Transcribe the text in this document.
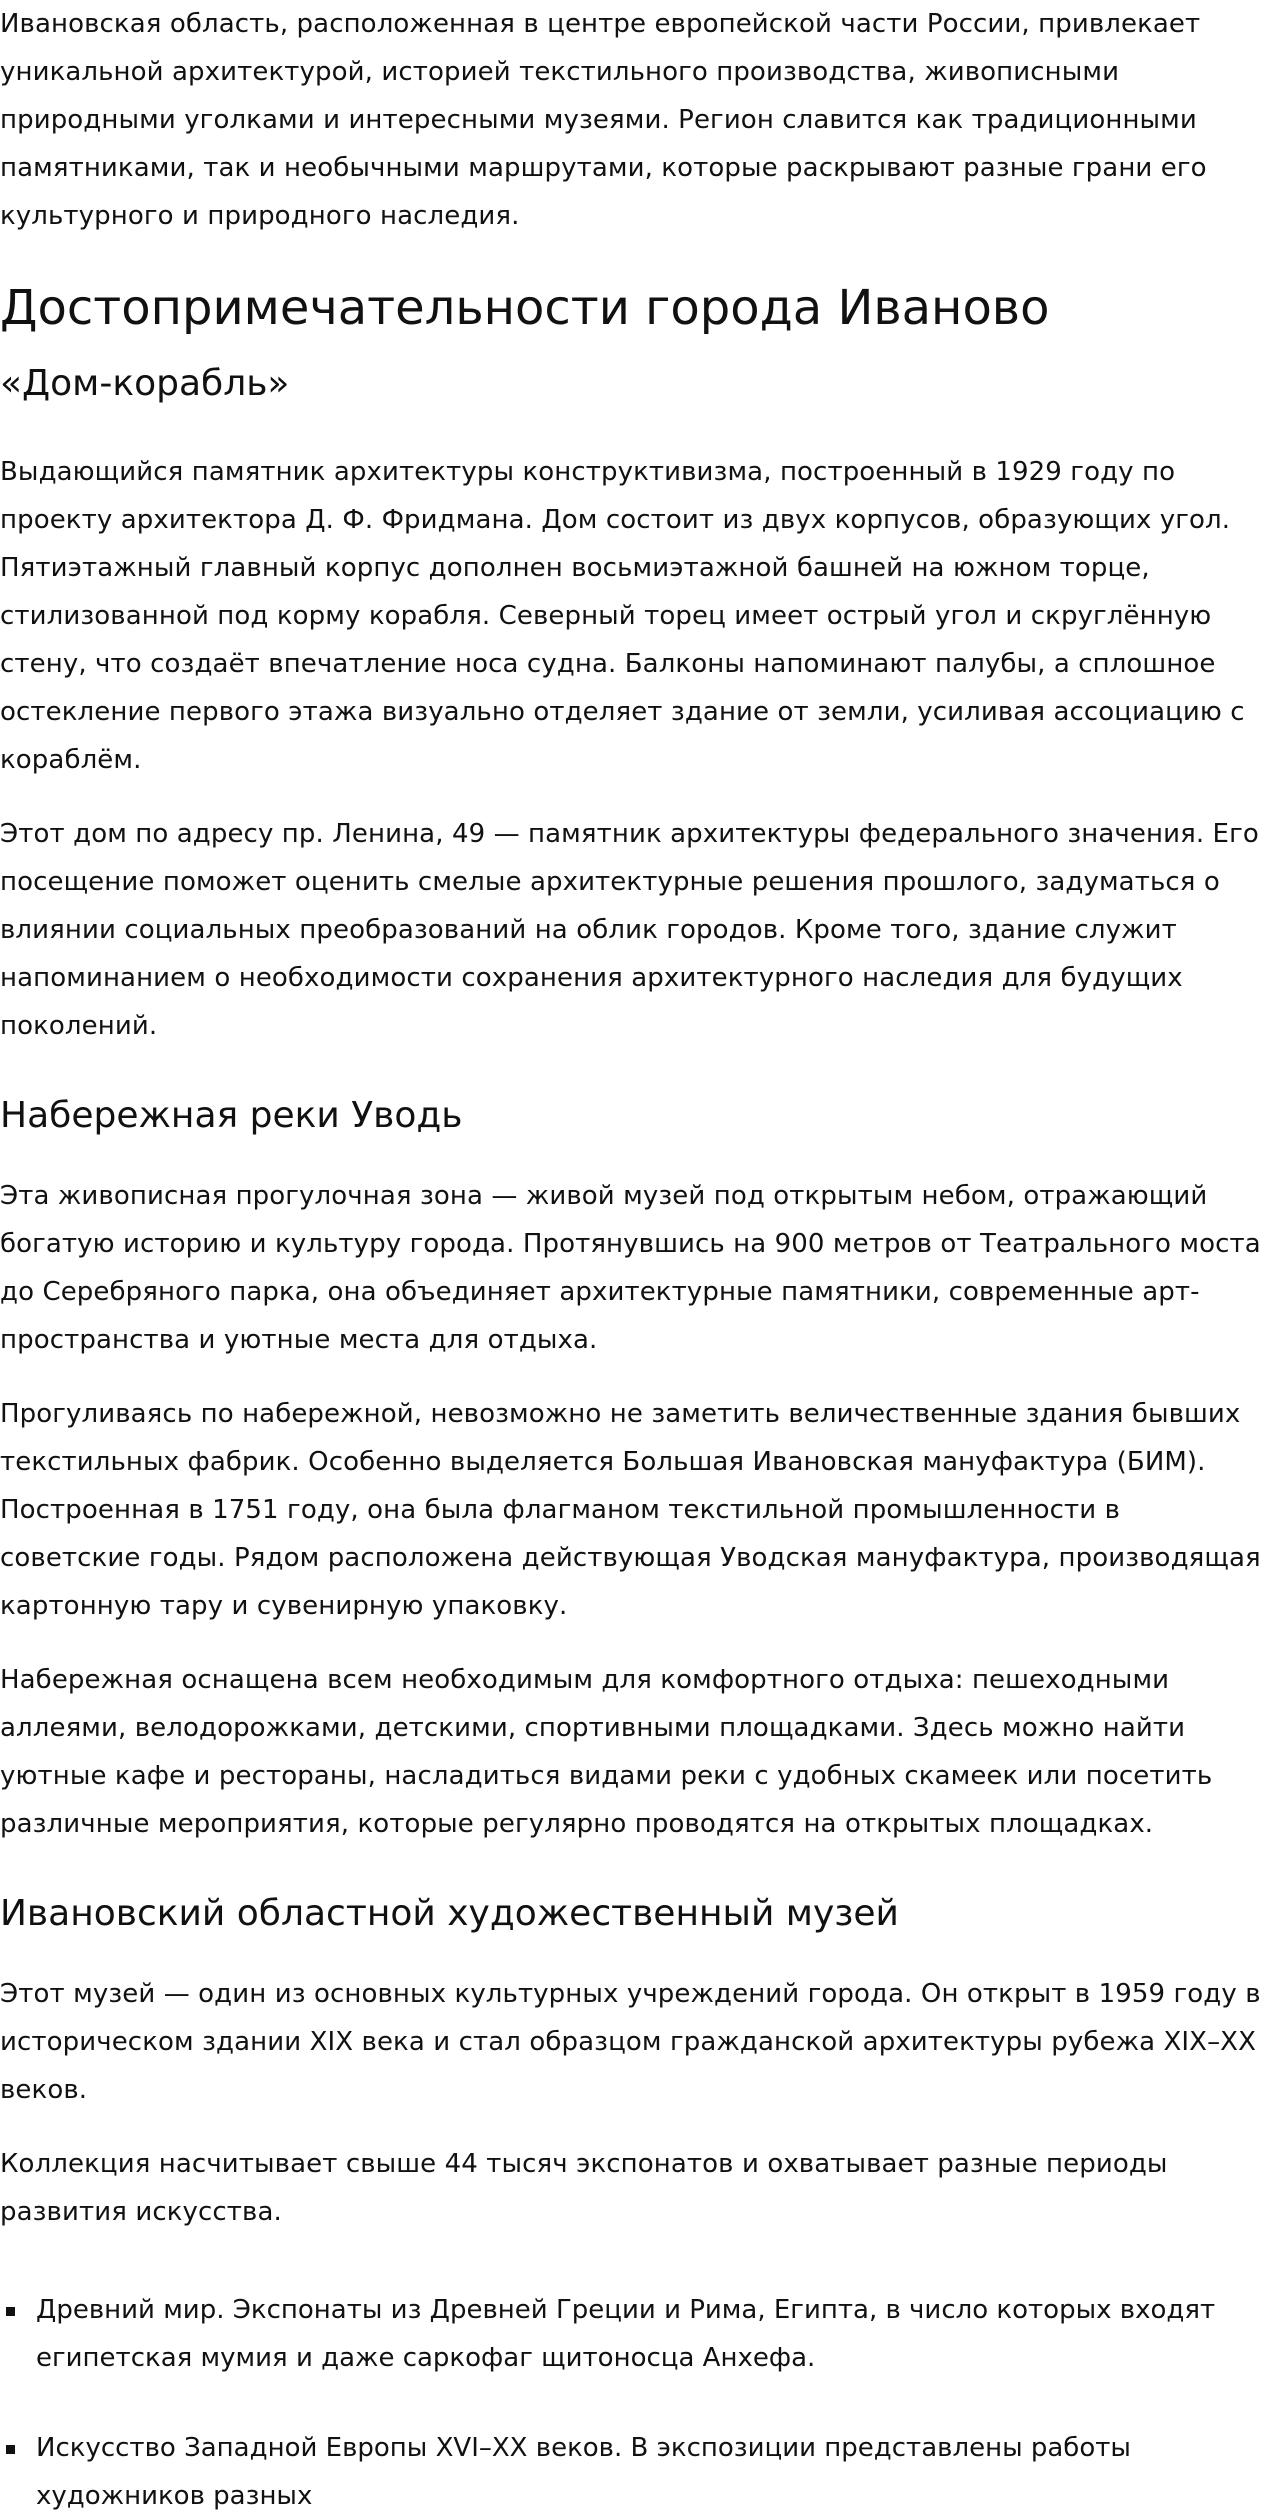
Ивановская область, расположенная в центре европейской части России, привлекает уникальной архитектурой, историей текстильного производства, живописными природными уголками и интересными музеями. Регион славится как традиционными памятниками, так и необычными маршрутами, которые раскрывают разные грани его культурного и природного наследия.

Достопримечательности города Иваново
«Дом-корабль»

Выдающийся памятник архитектуры конструктивизма, построенный в 1929 году по проекту архитектора Д. Ф. Фридмана. Дом состоит из двух корпусов, образующих угол. Пятиэтажный главный корпус дополнен восьмиэтажной башней на южном торце, стилизованной под корму корабля. Северный торец имеет острый угол и скруглённую стену, что создаёт впечатление носа судна. Балконы напоминают палубы, а сплошное остекление первого этажа визуально отделяет здание от земли, усиливая ассоциацию с кораблём.

Этот дом по адресу пр. Ленина, 49 — памятник архитектуры федерального значения. Его посещение поможет оценить смелые архитектурные решения прошлого, задуматься о влиянии социальных преобразований на облик городов. Кроме того, здание служит напоминанием о необходимости сохранения архитектурного наследия для будущих поколений.

Набережная реки Уводь

Эта живописная прогулочная зона — живой музей под открытым небом, отражающий богатую историю и культуру города. Протянувшись на 900 метров от Театрального моста до Серебряного парка, она объединяет архитектурные памятники, современные арт-пространства и уютные места для отдыха.

Прогуливаясь по набережной, невозможно не заметить величественные здания бывших текстильных фабрик. Особенно выделяется Большая Ивановская мануфактура (БИМ). Построенная в 1751 году, она была флагманом текстильной промышленности в советские годы. Рядом расположена действующая Уводская мануфактура, производящая картонную тару и сувенирную упаковку.

Набережная оснащена всем необходимым для комфортного отдыха: пешеходными аллеями, велодорожками, детскими, спортивными площадками. Здесь можно найти уютные кафе и рестораны, насладиться видами реки с удобных скамеек или посетить различные мероприятия, которые регулярно проводятся на открытых площадках.

Ивановский областной художественный музей

Этот музей — один из основных культурных учреждений города. Он открыт в 1959 году в историческом здании XIX века и стал образцом гражданской архитектуры рубежа XIX–XX веков.

Коллекция насчитывает свыше 44 тысяч экспонатов и охватывает разные периоды развития искусства.

Древний мир. Экспонаты из Древней Греции и Рима, Египта, в число которых входят египетская мумия и даже саркофаг щитоносца Анхефа.
Искусство Западной Европы XVI–XX веков. В экспозиции представлены работы художников разных
